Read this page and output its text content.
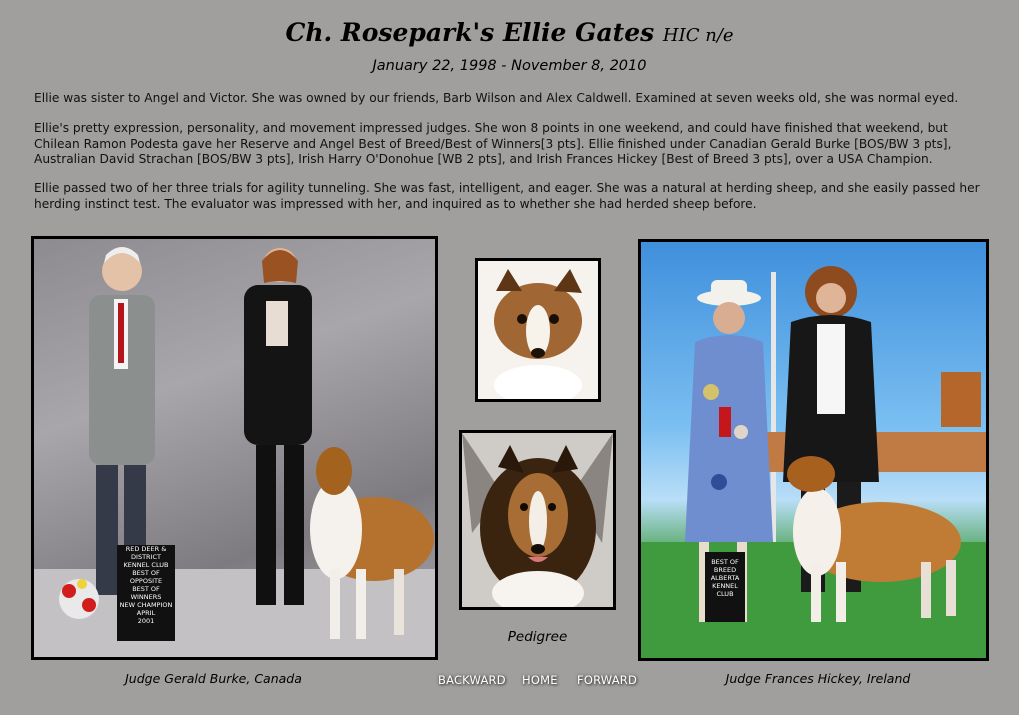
Ch. Rosepark's Ellie Gates HIC n/e
January 22, 1998 - November 8, 2010

Ellie was sister to Angel and Victor. She was owned by our friends, Barb Wilson and Alex Caldwell. Examined at seven weeks old, she was normal eyed.

Ellie's pretty expression, personality, and movement impressed judges. She won 8 points in one weekend, and could have finished that weekend, but Chilean Ramon Podesta gave her Reserve and Angel Best of Breed/Best of Winners[3 pts]. Ellie finished under Canadian Gerald Burke [BOS/BW 3 pts], Australian David Strachan [BOS/BW 3 pts], Irish Harry O'Donohue [WB 2 pts], and Irish Frances Hickey [Best of Breed 3 pts], over a USA Champion.

Ellie passed two of her three trials for agility tunneling. She was fast, intelligent, and eager. She was a natural at herding sheep, and she easily passed her herding instinct test. The evaluator was impressed with her, and inquired as to whether she had herded sheep before.

RED DEER & DISTRICT
KENNEL CLUB
BEST OF
OPPOSITE
BEST OF
WINNERS
NEW CHAMPION
APRIL
2001
Pedigree
BEST OF
BREED
ALBERTA
KENNEL CLUB
Judge Gerald Burke, Canada	Judge Frances Hickey, Ireland
BACKWARD HOME FORWARD
